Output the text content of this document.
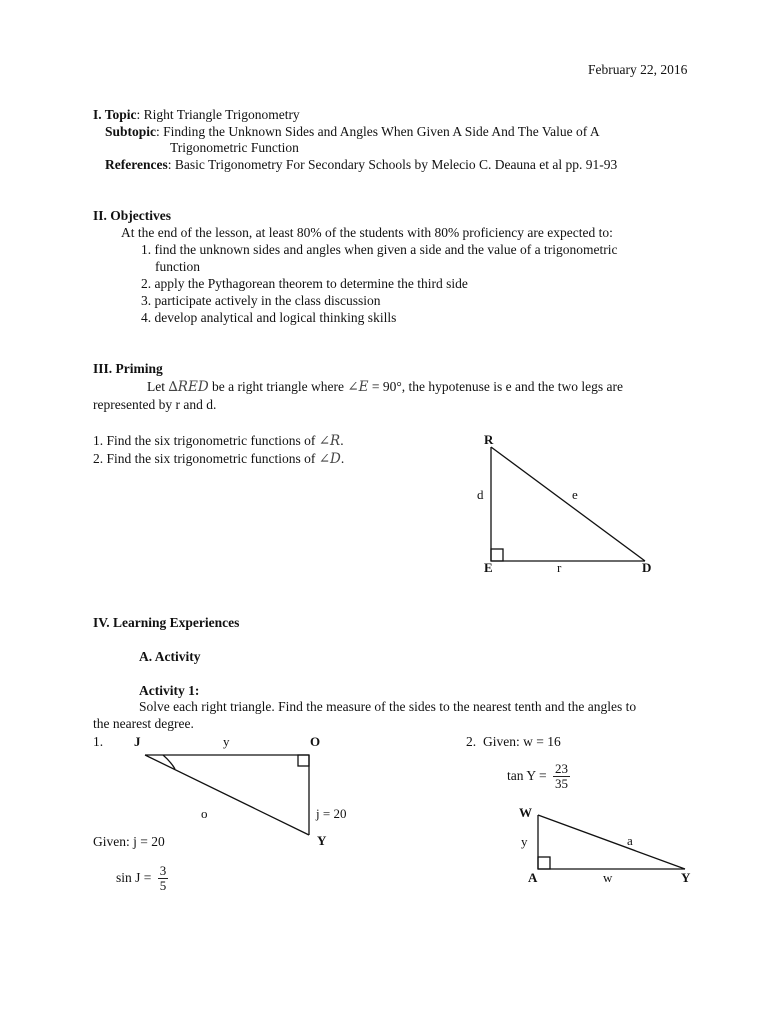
February 22, 2016
I. Topic: Right Triangle Trigonometry
Subtopic: Finding the Unknown Sides and Angles When Given A Side And The Value of A
Trigonometric Function
References: Basic Trigonometry For Secondary Schools by Melecio C. Deauna et al pp. 91-93
II. Objectives
At the end of the lesson, at least 80% of the students with 80% proficiency are expected to:
1. find the unknown sides and angles when given a side and the value of a trigonometric
function
2. apply the Pythagorean theorem to determine the third side
3. participate actively in the class discussion
4. develop analytical and logical thinking skills
III. Priming
Let ∆RED be a right triangle where ∠E = 90°, the hypotenuse is e and the two legs are
represented by r and d.
1. Find the six trigonometric functions of ∠R.
2. Find the six trigonometric functions of ∠D.
R
d	e
E	r	D
IV. Learning Experiences
A. Activity
Activity 1:
Solve each right triangle. Find the measure of the sides to the nearest tenth and the angles to
the nearest degree.
1. J	y	O
o	j = 20
Given: j = 20	Y
$\sin J = \frac{3}{5}$
2. Given: w = 16
$\tan Y = \frac{23}{35}$
W
y	a
A	w	Y
